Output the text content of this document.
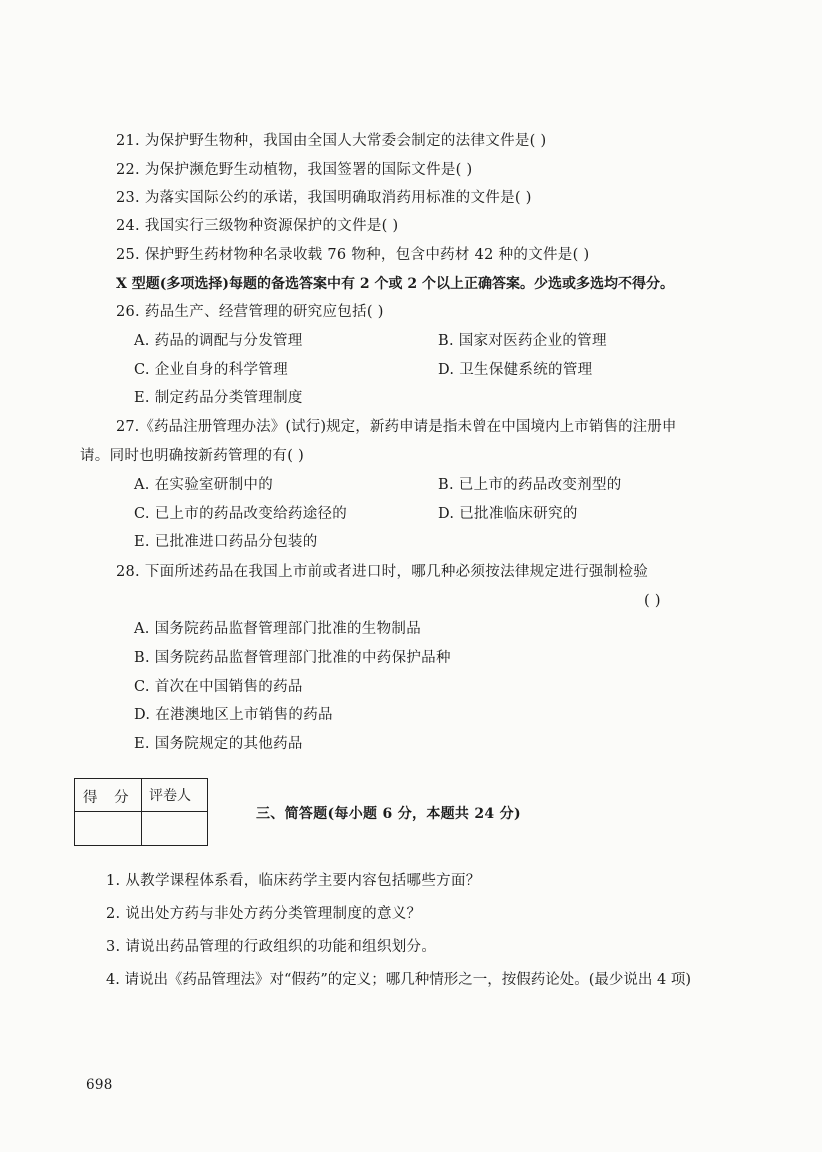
21. 为保护野生物种，我国由全国人大常委会制定的法律文件是( )
22. 为保护濒危野生动植物，我国签署的国际文件是( )
23. 为落实国际公约的承诺，我国明确取消药用标准的文件是( )
24. 我国实行三级物种资源保护的文件是( )
25. 保护野生药材物种名录收载 76 物种，包含中药材 42 种的文件是( )
X 型题(多项选择)每题的备选答案中有 2 个或 2 个以上正确答案。少选或多选均不得分。
26. 药品生产、经营管理的研究应包括( )
A. 药品的调配与分发管理	B. 国家对医药企业的管理
C. 企业自身的科学管理	D. 卫生保健系统的管理
E. 制定药品分类管理制度
27.《药品注册管理办法》(试行)规定，新药申请是指未曾在中国境内上市销售的注册申
请。同时也明确按新药管理的有( )
A. 在实验室研制中的	B. 已上市的药品改变剂型的
C. 已上市的药品改变给药途径的	D. 已批准临床研究的
E. 已批准进口药品分包装的
28. 下面所述药品在我国上市前或者进口时，哪几种必须按法律规定进行强制检验
( )
A. 国务院药品监督管理部门批准的生物制品
B. 国务院药品监督管理部门批准的中药保护品种
C. 首次在中国销售的药品
D. 在港澳地区上市销售的药品
E. 国务院规定的其他药品
得 分 评卷人
三、简答题(每小题 6 分，本题共 24 分)
1. 从教学课程体系看，临床药学主要内容包括哪些方面？
2. 说出处方药与非处方药分类管理制度的意义？
3. 请说出药品管理的行政组织的功能和组织划分。
4. 请说出《药品管理法》对“假药”的定义；哪几种情形之一，按假药论处。(最少说出 4 项)
698
